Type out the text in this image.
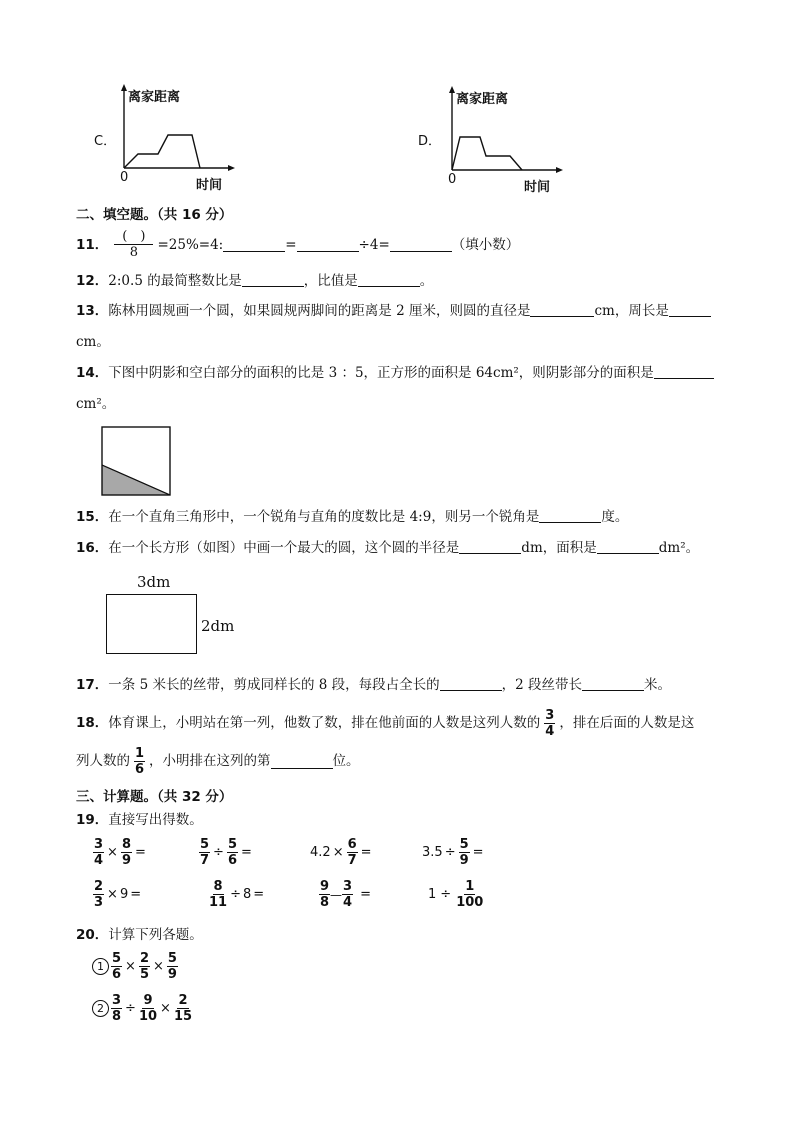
C．
离家距离
0
时间
D．
离家距离
0
时间
二、填空题。（共 16 分）
11． $\frac{( )}{8} =25\%=4$:	=	÷4=	（填小数）
12．2:0.5 的最简整数比是	，比值是	。
13．陈林用圆规画一个圆，如果圆规两脚间的距离是 2 厘米，则圆的直径是	cm，周长是
cm。
14．下图中阴影和空白部分的面积的比是 3 ：5，正方形的面积是 64cm²，则阴影部分的面积是
cm²。
15．在一个直角三角形中，一个锐角与直角的度数比是 4:9，则另一个锐角是	度。
16．在一个长方形（如图）中画一个最大的圆，这个圆的半径是	dm，面积是	dm²。
3dm
2dm
17．一条 5 米长的丝带，剪成同样长的 8 段，每段占全长的	，2 段丝带长	米。
18． 体育课上，小明站在第一列，他数了数，排在他前面的人数是这列人数的 $\frac{3}{4}$ ，排在后面的人数是这
列人数的 $\frac{1}{6}$ ，小明排在这列的第	位。
三、计算题。（共 32 分）
19．直接写出得数。
$\frac{3}{4} \times \frac{8}{9}$ =	$\frac{5}{7} \div \frac{5}{6}$ =	$4.2 \times \frac{6}{7}$ =	$3.5 \div \frac{5}{9}$ =
$\frac{2}{3} \times 9$ =	$\frac{8}{11} \div 8$ =	$\frac{9}{8}$ — $\frac{3}{4}$ =	$1 \div \frac{1}{100}$
20．计算下列各题。
$1 \frac{5}{6} \times \frac{2}{5} \times \frac{5}{9}$
$2 \frac{3}{8} \div \frac{9}{10} \times \frac{2}{15}$
